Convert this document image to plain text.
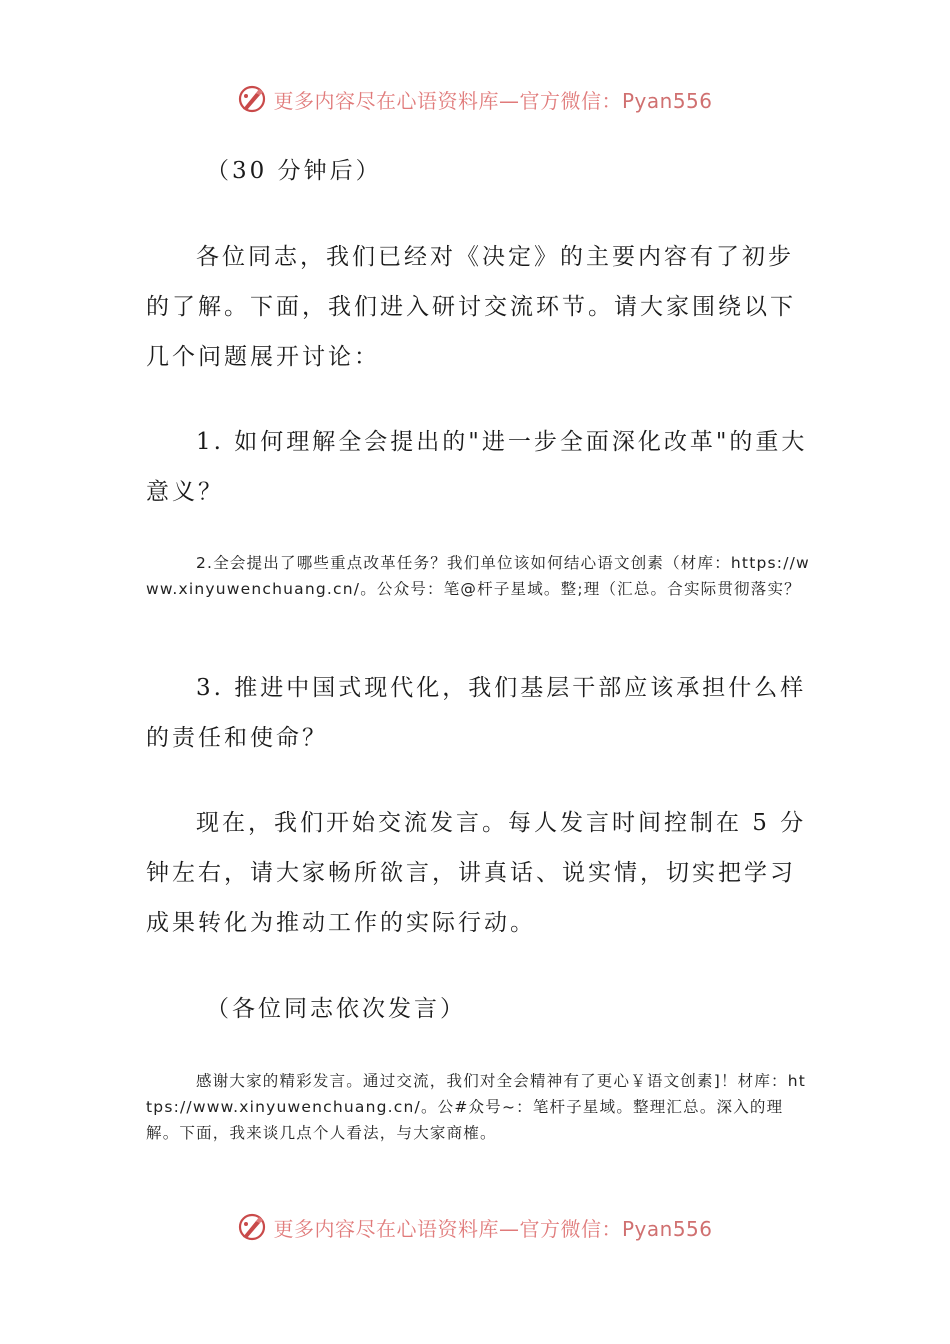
更多内容尽在心语资料库—官方微信：Pyan556

（30 分钟后）

各位同志，我们已经对《决定》的主要内容有了初步的了解。下面，我们进入研讨交流环节。请大家围绕以下几个问题展开讨论：

1. 如何理解全会提出的"进一步全面深化改革"的重大意义？

2.全会提出了哪些重点改革任务？我们单位该如何结心语文创素（材库：https://www.xinyuwenchuang.cn/。公众号：笔@杆子星域。整;理（汇总。合实际贯彻落实？

3. 推进中国式现代化，我们基层干部应该承担什么样的责任和使命？

现在，我们开始交流发言。每人发言时间控制在 5 分钟左右，请大家畅所欲言，讲真话、说实情，切实把学习成果转化为推动工作的实际行动。

（各位同志依次发言）

感谢大家的精彩发言。通过交流，我们对全会精神有了更心￥语文创素]！材库：https://www.xinyuwenchuang.cn/。公#众号~：笔杆子星域。整理汇总。深入的理解。下面，我来谈几点个人看法，与大家商榷。

更多内容尽在心语资料库—官方微信：Pyan556
